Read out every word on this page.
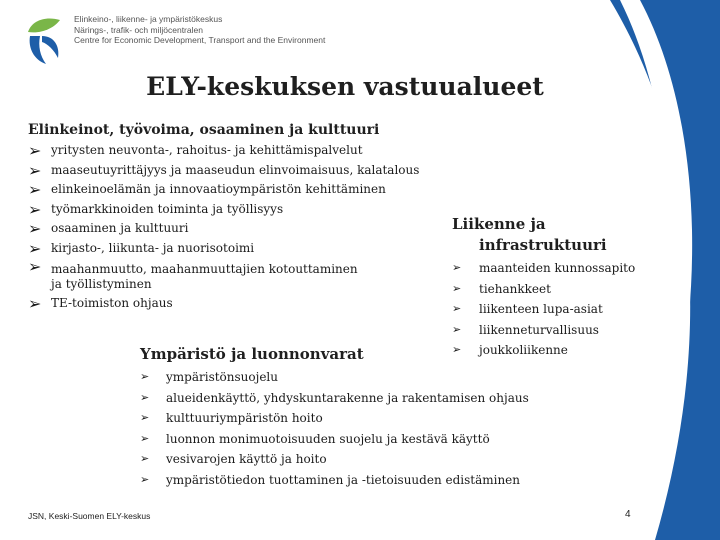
Elinkeino-, liikenne- ja ympäristökeskus
Närings-, trafik- och miljöcentralen
Centre for Economic Development, Transport and the Environment
ELY-keskuksen vastuualueet
Elinkeinot, työvoima, osaaminen ja kulttuuri
➢ yritysten neuvonta-, rahoitus- ja kehittämispalvelut
➢ maaseutuyrittäjyys ja maaseudun elinvoimaisuus, kalatalous
➢ elinkeinoelämän ja innovaatioympäristön kehittäminen
➢ työmarkkinoiden toiminta ja työllisyys
➢ osaaminen ja kulttuuri
➢ kirjasto-, liikunta- ja nuorisotoimi
➢ maahanmuutto, maahanmuuttajien kotouttaminen
ja työllistyminen
➢ TE-toimiston ohjaus
Liikenne ja
infrastruktuuri
➢ maanteiden kunnossapito
➢ tiehankkeet
➢ liikenteen lupa-asiat
➢ liikenneturvallisuus
➢ joukkoliikenne
Ympäristö ja luonnonvarat
➢ ympäristönsuojelu
➢ alueidenkäyttö, yhdyskuntarakenne ja rakentamisen ohjaus
➢ kulttuuriympäristön hoito
➢ luonnon monimuotoisuuden suojelu ja kestävä käyttö
➢ vesivarojen käyttö ja hoito
➢ ympäristötiedon tuottaminen ja -tietoisuuden edistäminen
JSN, Keski-Suomen ELY-keskus	4
